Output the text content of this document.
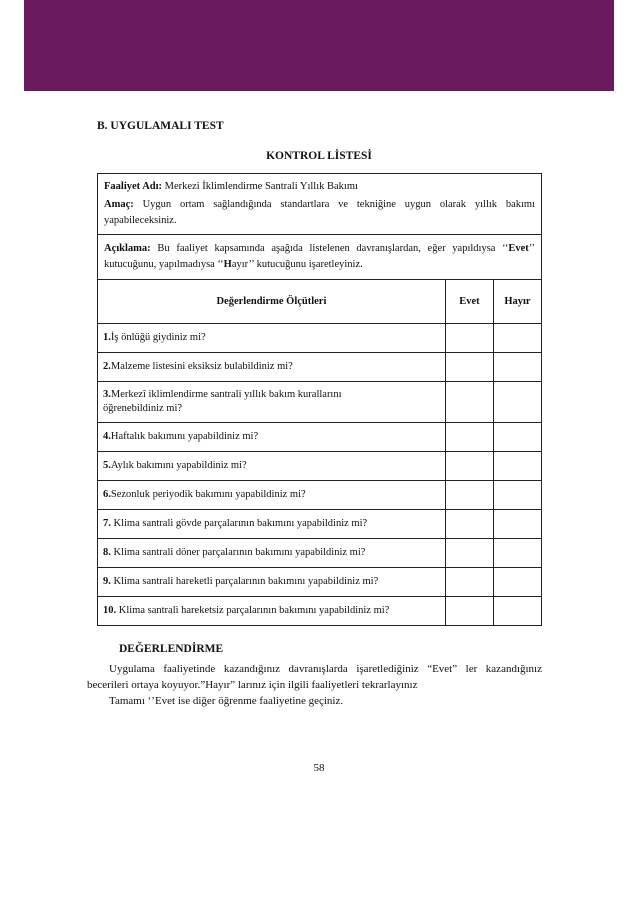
B. UYGULAMALI TEST
KONTROL LİSTESİ

Faaliyet Adı: Merkezi İklimlendirme Santrali Yıllık Bakımı

Amaç: Uygun ortam sağlandığında standartlara ve tekniğine uygun olarak yıllık bakımı yapabileceksiniz.		

Açıklama: Bu faaliyet kapsamında aşağıda listelenen davranışlardan, eğer yapıldıysa ‘‘Evet’’ kutucuğunu, yapılmadıysa ‘‘Hayır’’ kutucuğunu işaretleyiniz.		
Değerlendirme Ölçütleri	Evet	Hayır
1.İş önlüğü giydiniz mi?		
2.Malzeme listesini eksiksiz bulabildiniz mi?		
3.Merkezî iklimlendirme santrali yıllık bakım kurallarını
öğrenebildiniz mi?		
4.Haftalık bakımını yapabildiniz mi?		
5.Aylık bakımını yapabildiniz mi?		
6.Sezonluk periyodik bakımını yapabildiniz mi?		
7. Klima santrali gövde parçalarının bakımını yapabildiniz mi?		
8. Klima santrali döner parçalarının bakımını yapabildiniz mi?		
9. Klima santrali hareketli parçalarının bakımını yapabildiniz mi?		
10. Klima santrali hareketsiz parçalarının bakımını yapabildiniz mi?		
DEĞERLENDİRME

Uygulama faaliyetinde kazandığınız davranışlarda işaretlediğiniz “Evet” ler kazandığınız becerileri ortaya koyuyor.”Hayır” larınız için ilgili faaliyetleri tekrarlayınız

Tamamı ‘’Evet ise diğer öğrenme faaliyetine geçiniz.

58
